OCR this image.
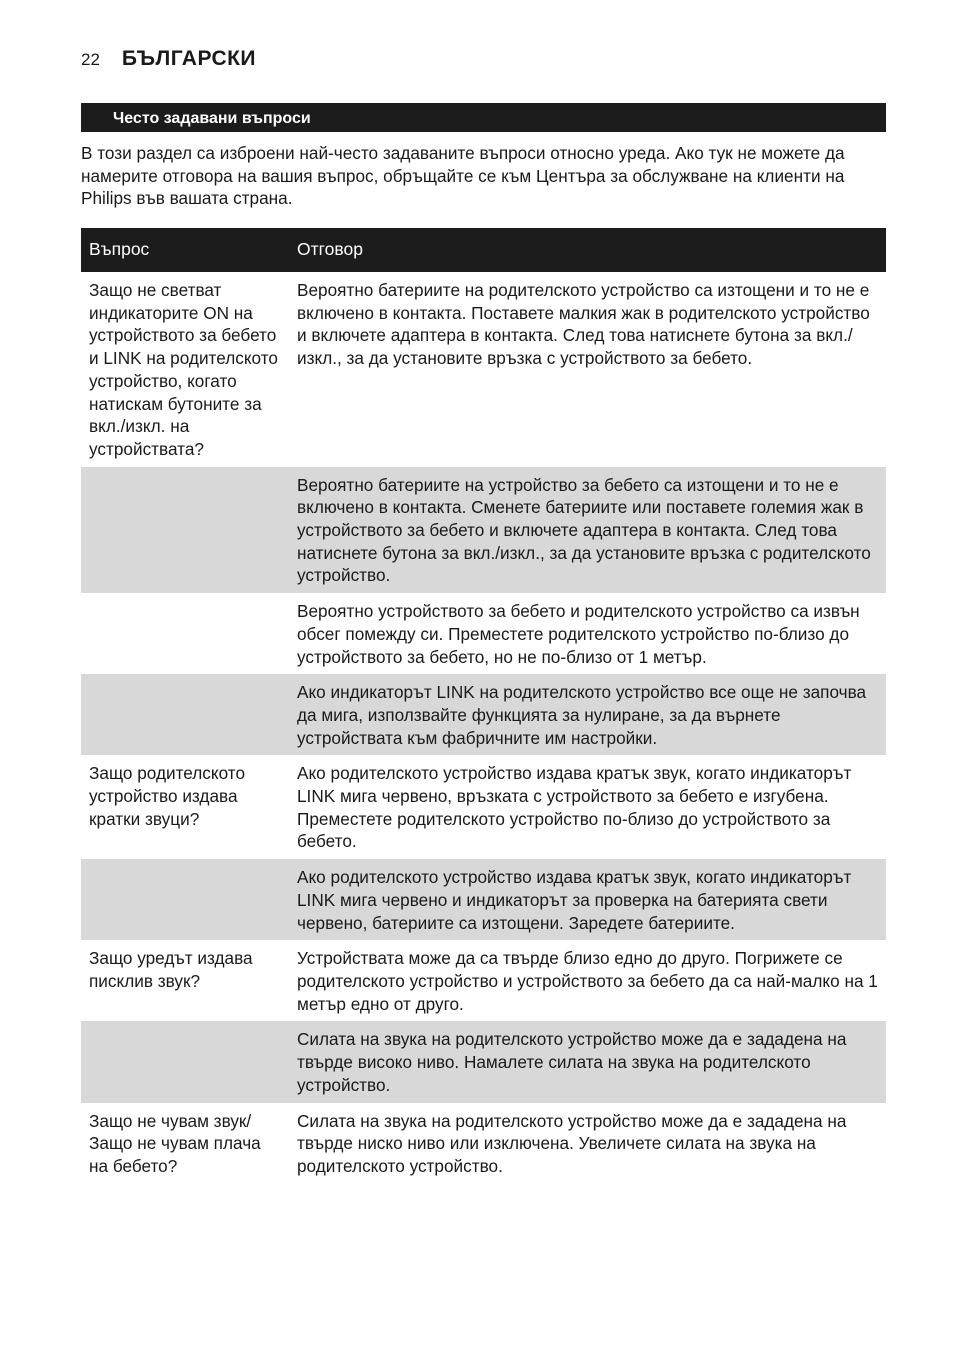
22 БЪЛГАРСКИ
Често задавани въпроси

В този раздел са изброени най-често задаваните въпроси относно уреда. Ако тук не можете да намерите отговора на вашия въпрос, обръщайте се към Центъра за обслужване на клиенти на Philips във вашата страна.

Въпрос	Отговор
Защо не светват индикаторите ON на устройството за бебето и LINK на родителското устройство, когато натискам бутоните за вкл./изкл. на устройствата?	Вероятно батериите на родителското устройство са изтощени и то не е включено в контакта. Поставете малкия жак в родителското устройство и включете адаптера в контакта. След това натиснете бутона за вкл./изкл., за да установите връзка с устройството за бебето.
	Вероятно батериите на устройство за бебето са изтощени и то не е включено в контакта. Сменете батериите или поставете големия жак в устройството за бебето и включете адаптера в контакта. След това натиснете бутона за вкл./изкл., за да установите връзка с родителското устройство.
	Вероятно устройството за бебето и родителското устройство са извън обсег помежду си. Преместете родителското устройство по-близо до устройството за бебето, но не по-близо от 1 метър.
	Ако индикаторът LINK на родителското устройство все още не започва да мига, използвайте функцията за нулиране, за да върнете устройствата към фабричните им настройки.
Защо родителското устройство издава кратки звуци?	Ако родителското устройство издава кратък звук, когато индикаторът LINK мига червено, връзката с устройството за бебето е изгубена. Преместете родителското устройство по-близо до устройството за бебето.
	Ако родителското устройство издава кратък звук, когато индикаторът LINK мига червено и индикаторът за проверка на батерията свети червено, батериите са изтощени. Заредете батериите.
Защо уредът издава писклив звук?	Устройствата може да са твърде близо едно до друго. Погрижете се родителското устройство и устройството за бебето да са най-малко на 1 метър едно от друго.
	Силата на звука на родителското устройство може да е зададена на твърде високо ниво. Намалете силата на звука на родителското устройство.
Защо не чувам звук/ Защо не чувам плача на бебето?	Силата на звука на родителското устройство може да е зададена на твърде ниско ниво или изключена. Увеличете силата на звука на родителското устройство.
